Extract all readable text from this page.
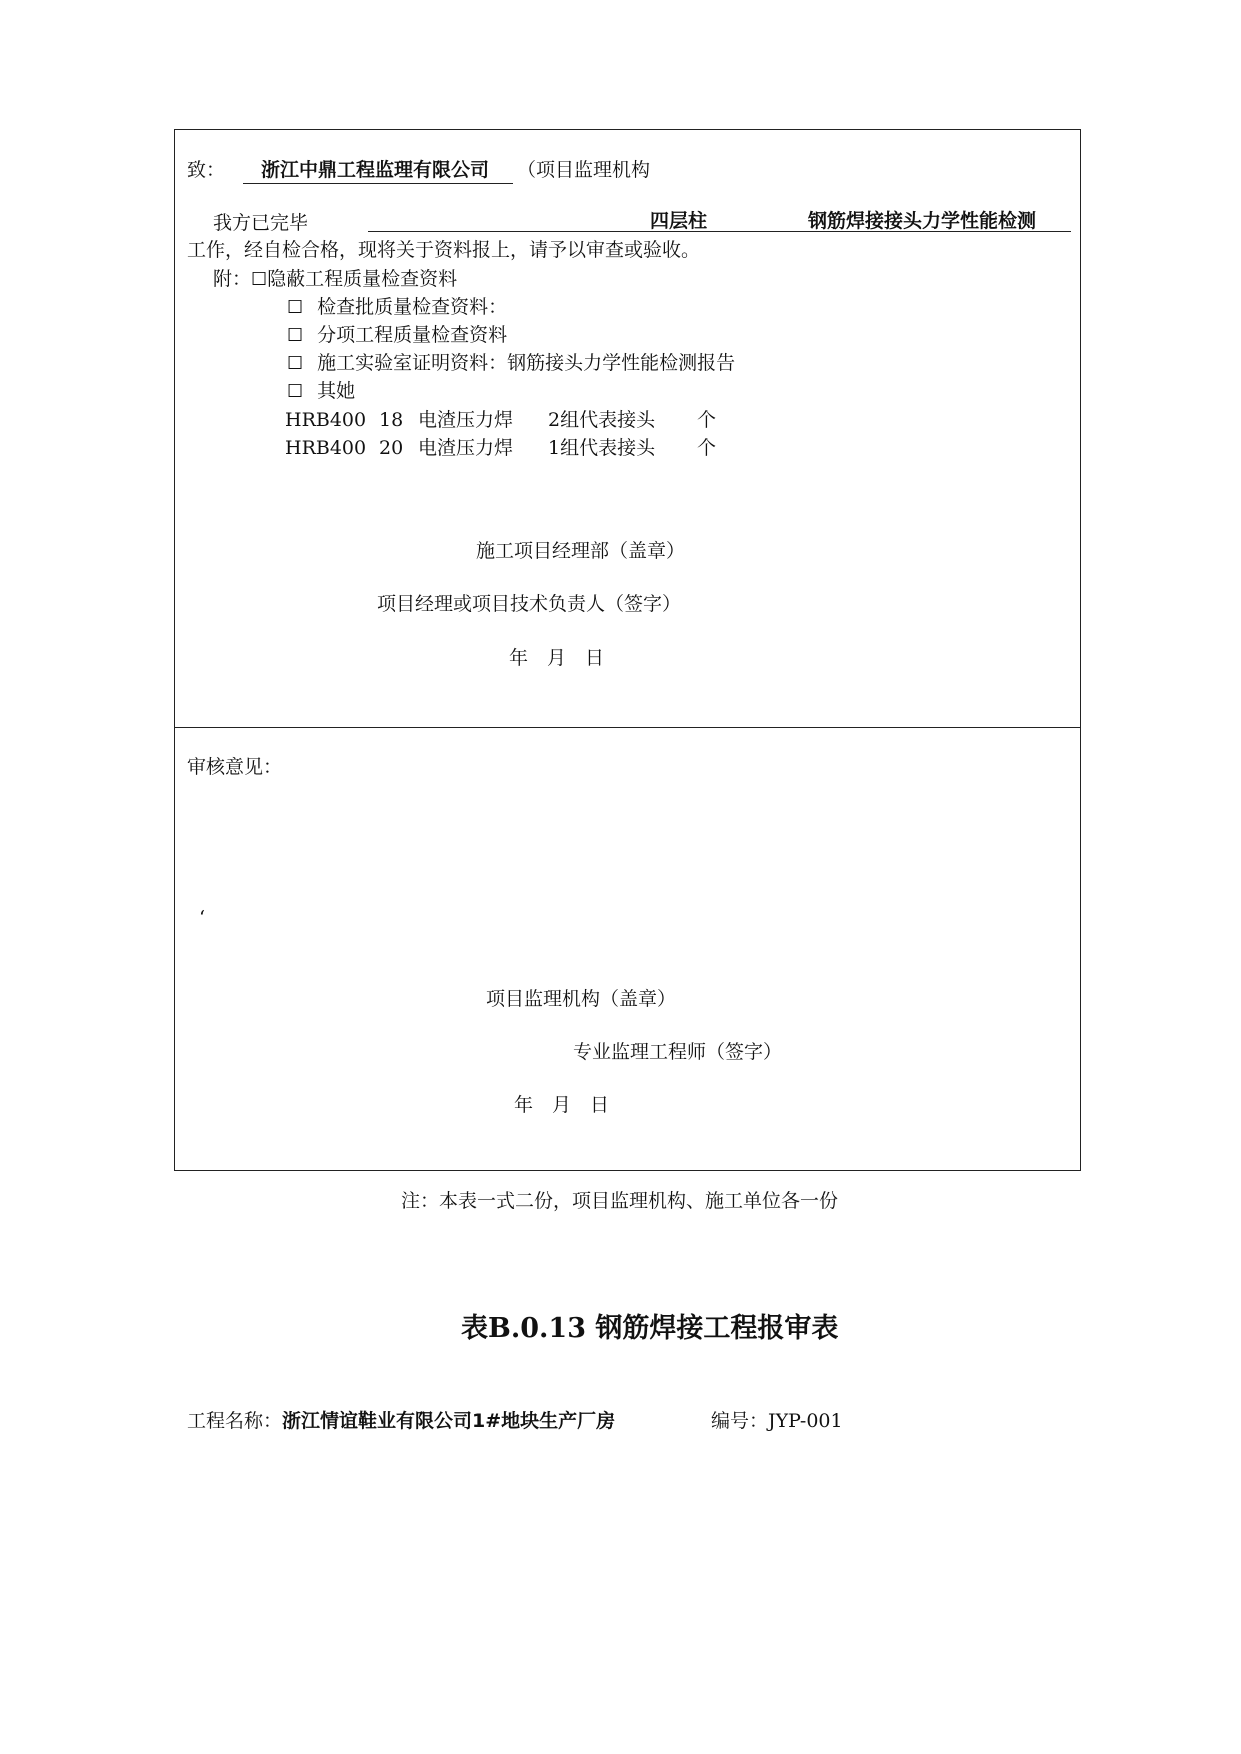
致： 浙江中鼎工程监理有限公司 （项目监理机构
我方已完毕	四层柱	钢筋焊接接头力学性能检测
工作，经自检合格，现将关于资料报上，请予以审查或验收。
附：☐隐蔽工程质量检查资料
☐ 检查批质量检查资料：
☐ 分项工程质量检查资料
☐ 施工实验室证明资料：钢筋接头力学性能检测报告
☐ 其她
HRB400 18 电渣压力焊 2组代表接头 个
HRB400 20 电渣压力焊 1组代表接头 个
施工项目经理部（盖章）
项目经理或项目技术负责人（签字）
年　月　日
审核意见：
‘
项目监理机构（盖章）
专业监理工程师（签字）
年　月　日
注：本表一式二份，项目监理机构、施工单位各一份
表B.0.13 钢筋焊接工程报审表
工程名称：浙江情谊鞋业有限公司1#地块生产厂房	编号：JYP-001
